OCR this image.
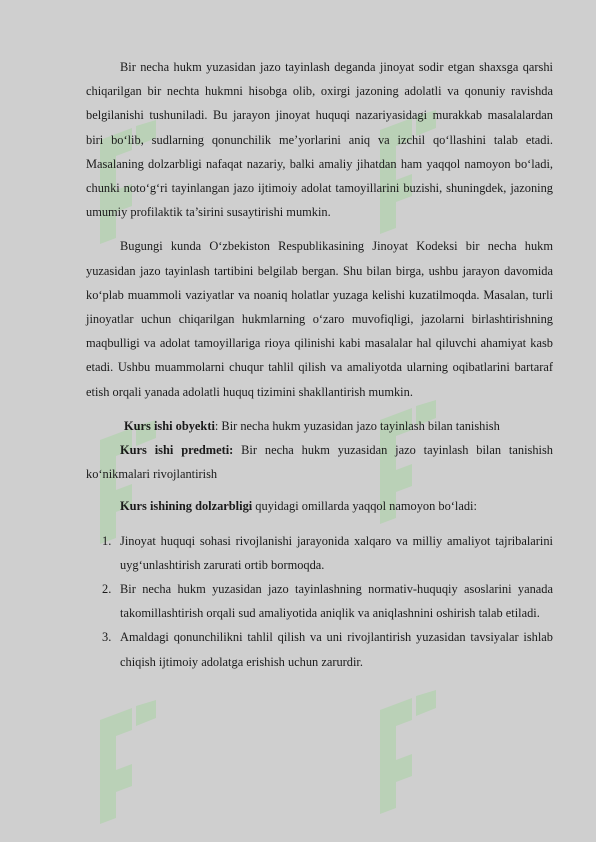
Bir necha hukm yuzasidan jazo tayinlash deganda jinoyat sodir etgan shaxsga qarshi chiqarilgan bir nechta hukmni hisobga olib, oxirgi jazoning adolatli va qonuniy ravishda belgilanishi tushuniladi. Bu jarayon jinoyat huquqi nazariyasidagi murakkab masalalardan biri bo‘lib, sudlarning qonunchilik me’yorlarini aniq va izchil qo‘llashini talab etadi. Masalaning dolzarbligi nafaqat nazariy, balki amaliy jihatdan ham yaqqol namoyon bo‘ladi, chunki noto‘g‘ri tayinlangan jazo ijtimoiy adolat tamoyillarini buzishi, shuningdek, jazoning umumiy profilaktik ta’sirini susaytirishi mumkin.

Bugungi kunda O‘zbekiston Respublikasining Jinoyat Kodeksi bir necha hukm yuzasidan jazo tayinlash tartibini belgilab bergan. Shu bilan birga, ushbu jarayon davomida ko‘plab muammoli vaziyatlar va noaniq holatlar yuzaga kelishi kuzatilmoqda. Masalan, turli jinoyatlar uchun chiqarilgan hukmlarning o‘zaro muvofiqligi, jazolarni birlashtirishning maqbulligi va adolat tamoyillariga rioya qilinishi kabi masalalar hal qiluvchi ahamiyat kasb etadi. Ushbu muammolarni chuqur tahlil qilish va amaliyotda ularning oqibatlarini bartaraf etish orqali yanada adolatli huquq tizimini shakllantirish mumkin.

Kurs ishi obyekti: Bir necha hukm yuzasidan jazo tayinlash bilan tanishish

Kurs ishi predmeti: Bir necha hukm yuzasidan jazo tayinlash bilan tanishish ko‘nikmalari rivojlantirish

Kurs ishining dolzarbligi quyidagi omillarda yaqqol namoyon bo‘ladi:

1. Jinoyat huquqi sohasi rivojlanishi jarayonida xalqaro va milliy amaliyot tajribalarini uyg‘unlashtirish zarurati ortib bormoqda.
2. Bir necha hukm yuzasidan jazo tayinlashning normativ-huquqiy asoslarini yanada takomillashtirish orqali sud amaliyotida aniqlik va aniqlashnini oshirish talab etiladi.
3. Amaldagi qonunchilikni tahlil qilish va uni rivojlantirish yuzasidan tavsiyalar ishlab chiqish ijtimoiy adolatga erishish uchun zarurdir.
